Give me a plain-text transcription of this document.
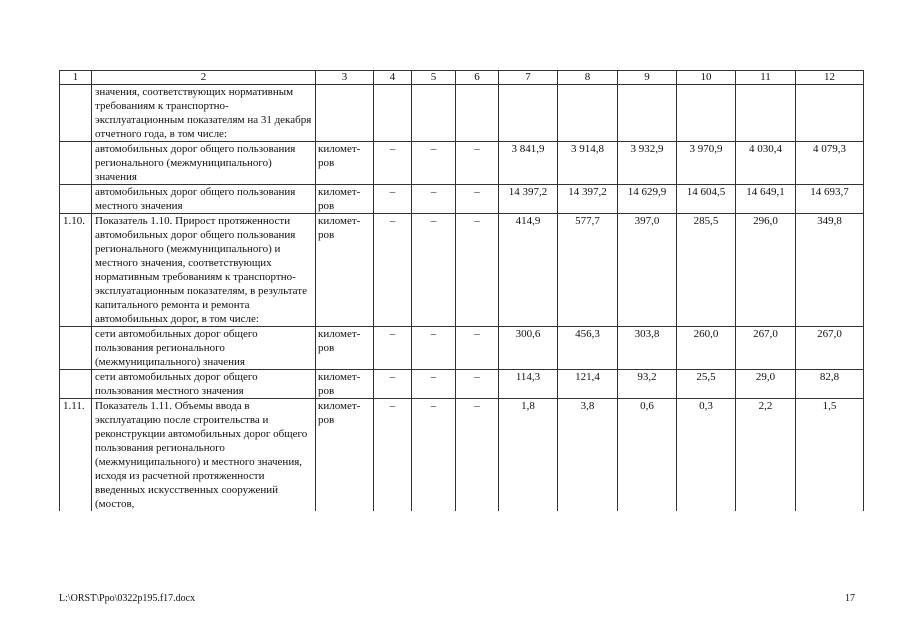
1	2	3	4	5	6	7	8	9	10	11	12
	значения, соответствующих нормативным требованиям к транспортно-эксплуатационным показателям на 31 декабря отчетного года, в том числе:										
	автомобильных дорог общего пользования регионального (межмуниципального) значения	километ-ров	–	–	–	3 841,9	3 914,8	3 932,9	3 970,9	4 030,4	4 079,3
	автомобильных дорог общего пользования местного значения	километ-ров	–	–	–	14 397,2	14 397,2	14 629,9	14 604,5	14 649,1	14 693,7
1.10.	Показатель 1.10. Прирост протяженности автомобильных дорог общего пользования регионального (межмуниципального) и местного значения, соответствующих нормативным требованиям к транспортно-эксплуатационным показателям, в результате капитального ремонта и ремонта автомобильных дорог, в том числе:	километ-ров	–	–	–	414,9	577,7	397,0	285,5	296,0	349,8
	сети автомобильных дорог общего пользования регионального (межмуниципального) значения	километ-ров	–	–	–	300,6	456,3	303,8	260,0	267,0	267,0
	сети автомобильных дорог общего пользования местного значения	километ-ров	–	–	–	114,3	121,4	93,2	25,5	29,0	82,8
1.11.	Показатель 1.11. Объемы ввода в эксплуатацию после строительства и реконструкции автомобильных дорог общего пользования регионального (межмуниципального) и местного значения, исходя из расчетной протяженности введенных искусственных сооружений (мостов,	километ-ров	–	–	–	1,8	3,8	0,6	0,3	2,2	1,5
L:\ORST\Ppo\0322p195.f17.docx	17
